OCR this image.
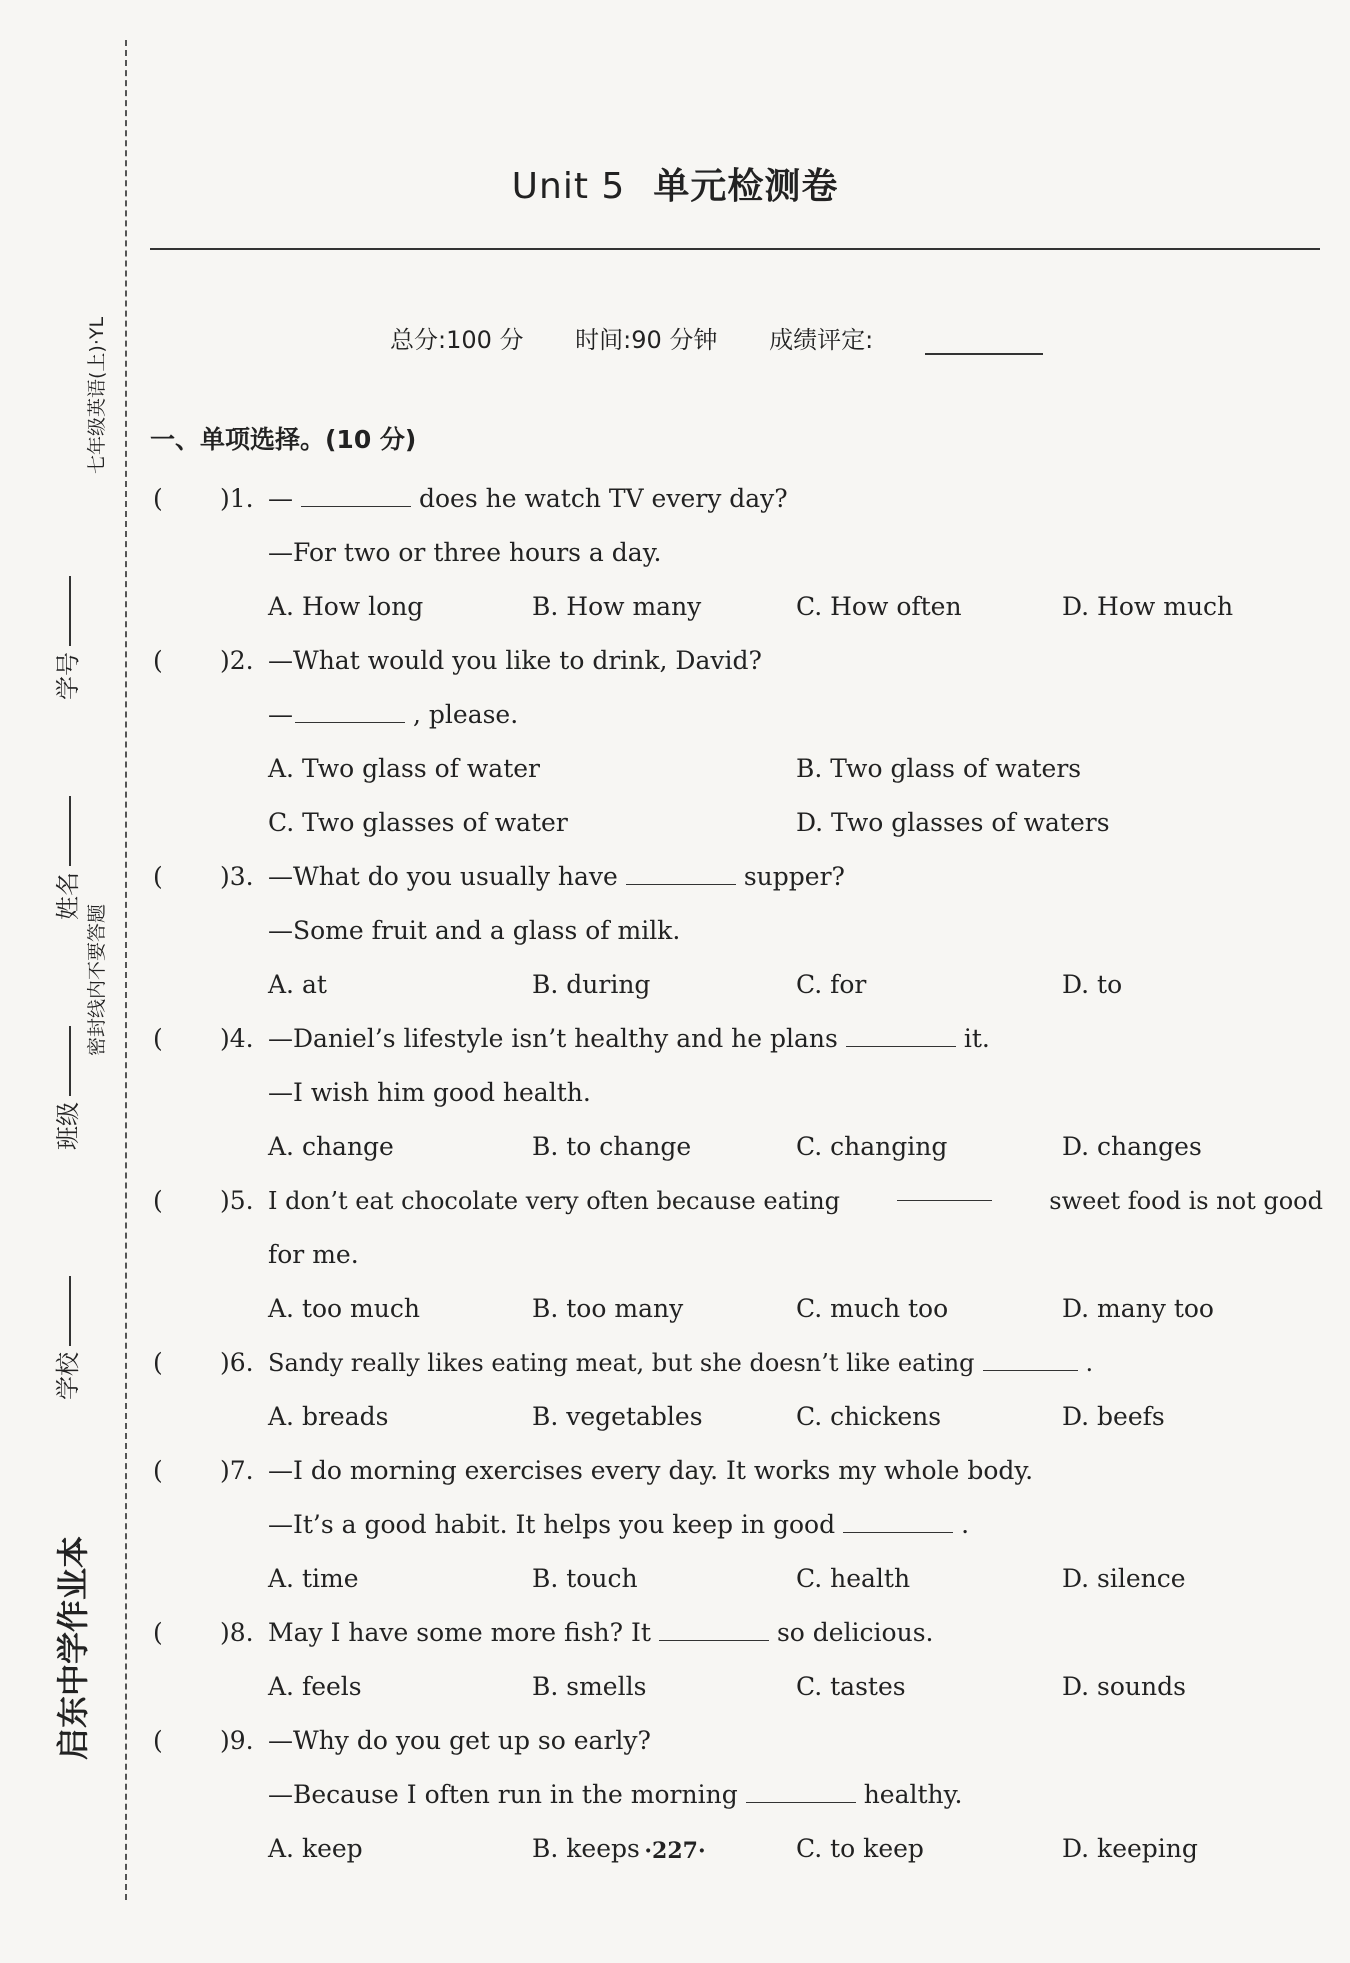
启东中学作业本
学校
班级
姓名
学号
密封线内不要答题
七年级英语(上)·YL
Unit 5 单元检测卷
总分:100 分 时间:90 分钟 成绩评定:
一、单项选择。(10 分)
( )1. —	does he watch TV every day?
—For two or three hours a day.
A. How long	B. How many	C. How often	D. How much
( )2. —What would you like to drink, David?
—	, please.
A. Two glass of water	B. Two glass of waters
C. Two glasses of water	D. Two glasses of waters
( )3. —What do you usually have	supper?
—Some fruit and a glass of milk.
A. at	B. during	C. for	D. to
( )4. —Daniel’s lifestyle isn’t healthy and he plans	it.
—I wish him good health.
A. change	B. to change	C. changing	D. changes
( )5. I don’t eat chocolate very often because eating	sweet food is not good
for me.
A. too much	B. too many	C. much too	D. many too
( )6. Sandy really likes eating meat, but she doesn’t like eating	.
A. breads	B. vegetables	C. chickens	D. beefs
( )7. —I do morning exercises every day. It works my whole body.
—It’s a good habit. It helps you keep in good	.
A. time	B. touch	C. health	D. silence
( )8. May I have some more fish? It	so delicious.
A. feels	B. smells	C. tastes	D. sounds
( )9. —Why do you get up so early?
—Because I often run in the morning	healthy.
A. keep	B. keeps	C. to keep	D. keeping
·227·
